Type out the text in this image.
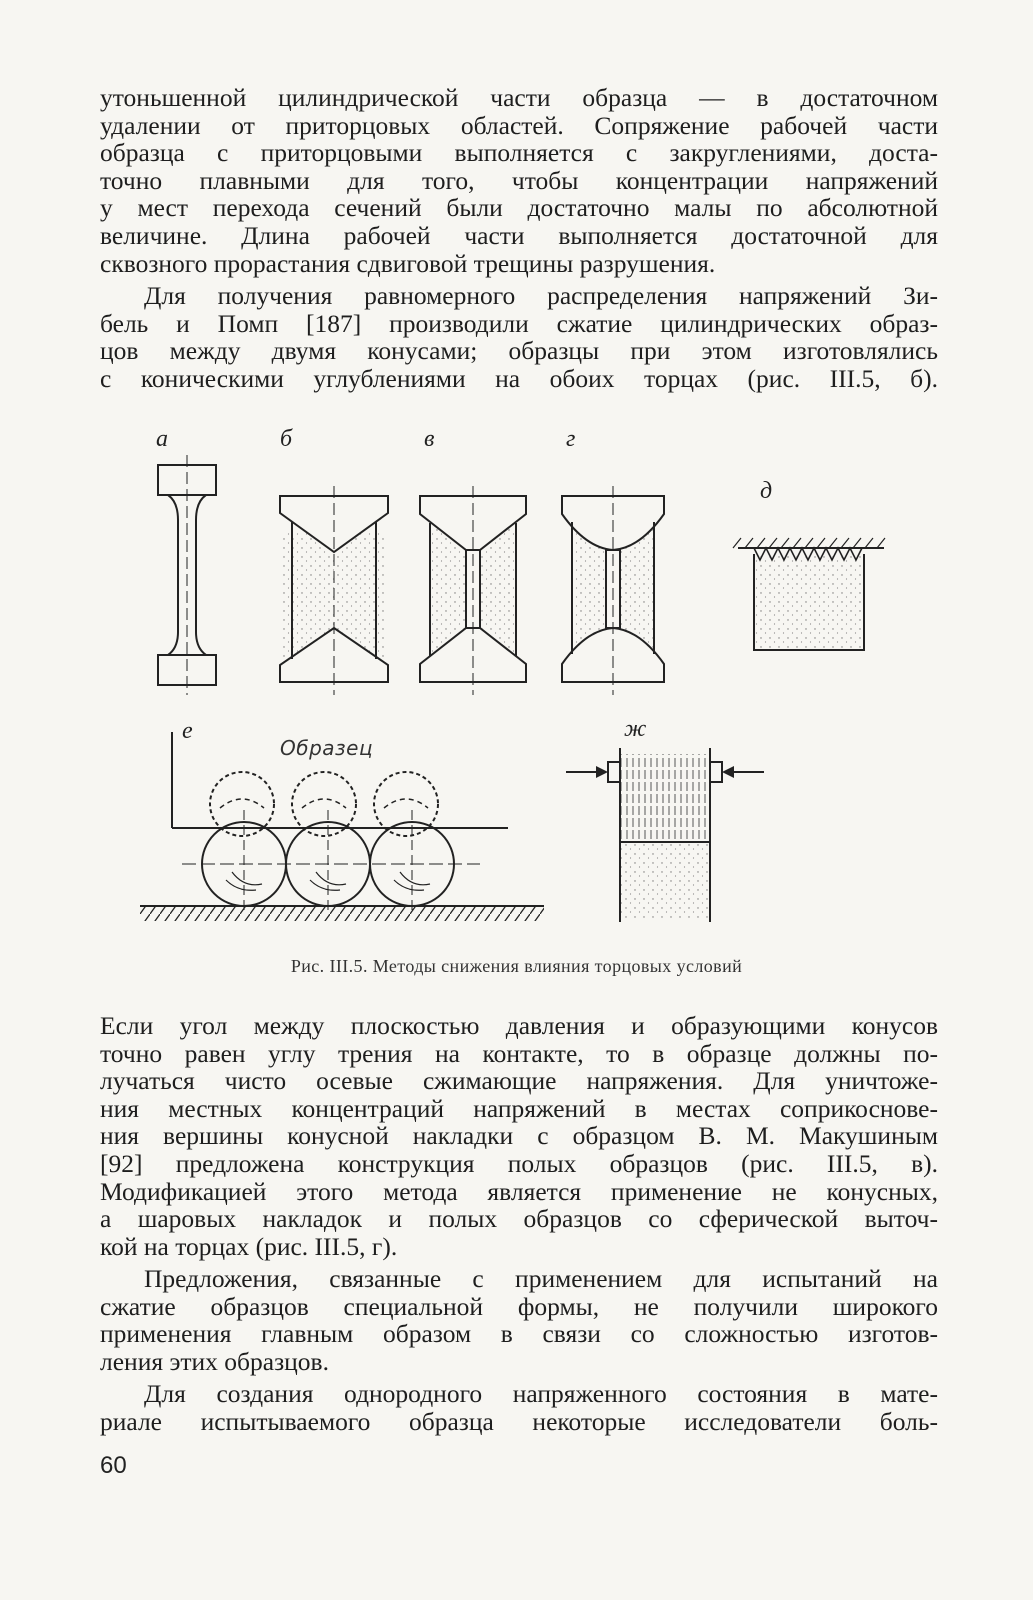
утоньшенной цилиндрической части образца — в достаточном
удалении от приторцовых областей. Сопряжение рабочей части
образца с приторцовыми выполняется с закруглениями, доста-
точно плавными для того, чтобы концентрации напряжений
у мест перехода сечений были достаточно малы по абсолютной
величине. Длина рабочей части выполняется достаточной для
сквозного прорастания сдвиговой трещины разрушения.

Для получения равномерного распределения напряжений Зи-
бель и Помп [187] производили сжатие цилиндрических образ-
цов между двумя конусами; образцы при этом изготовлялись
с коническими углублениями на обоих торцах (рис. III.5, б).

а	б	в	г
д
е	ж
Образец
Рис. III.5. Методы снижения влияния торцовых условий

Если угол между плоскостью давления и образующими конусов
точно равен углу трения на контакте, то в образце должны по-
лучаться чисто осевые сжимающие напряжения. Для уничтоже-
ния местных концентраций напряжений в местах соприкоснове-
ния вершины конусной накладки с образцом В. М. Макушиным
[92] предложена конструкция полых образцов (рис. III.5, в).
Модификацией этого метода является применение не конусных,
а шаровых накладок и полых образцов со сферической выточ-
кой на торцах (рис. III.5, г).

Предложения, связанные с применением для испытаний на
сжатие образцов специальной формы, не получили широкого
применения главным образом в связи со сложностью изготов-
ления этих образцов.

Для создания однородного напряженного состояния в мате-
риале испытываемого образца некоторые исследователи боль-

60
